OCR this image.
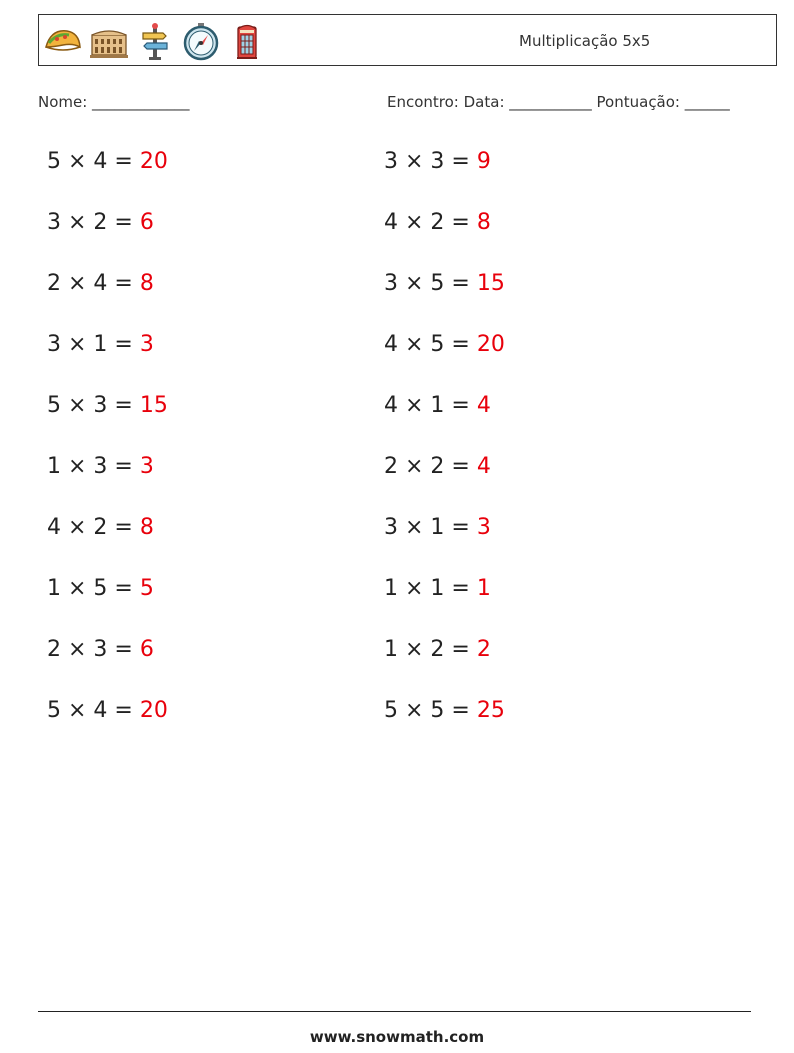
Multiplicação 5x5
Nome: _____________	Encontro: Data: ___________ Pontuação: ______
5 × 4 = 20
3 × 2 = 6
2 × 4 = 8
3 × 1 = 3
5 × 3 = 15
1 × 3 = 3
4 × 2 = 8
1 × 5 = 5
2 × 3 = 6
5 × 4 = 20
3 × 3 = 9
4 × 2 = 8
3 × 5 = 15
4 × 5 = 20
4 × 1 = 4
2 × 2 = 4
3 × 1 = 3
1 × 1 = 1
1 × 2 = 2
5 × 5 = 25
www.snowmath.com
